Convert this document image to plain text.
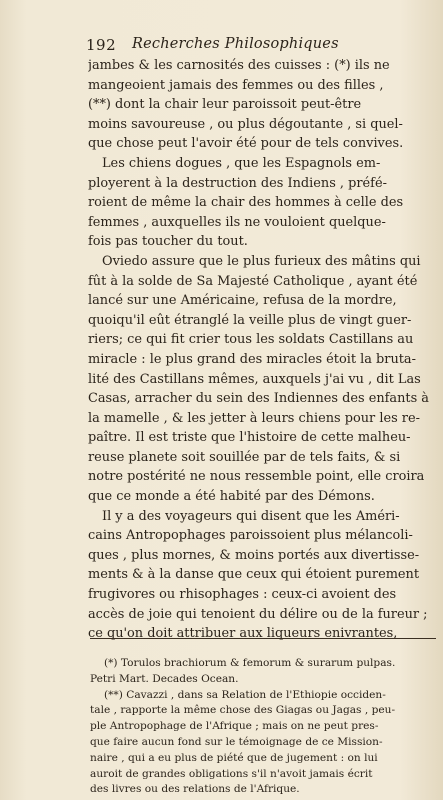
192 Recherches Philosophiques
jambes & les carnosités des cuisses : (*) ils ne
mangeoient jamais des femmes ou des filles ,
(**) dont la chair leur paroissoit peut-être
moins savoureuse , ou plus dégoutante , si quel-
que chose peut l'avoir été pour de tels convives.
Les chiens dogues , que les Espagnols em-
ployerent à la destruction des Indiens , préfé-
roient de même la chair des hommes à celle des
femmes , auxquelles ils ne vouloient quelque-
fois pas toucher du tout.
Oviedo assure que le plus furieux des mâtins qui
fût à la solde de Sa Majesté Catholique , ayant été
lancé sur une Américaine, refusa de la mordre,
quoiqu'il eût étranglé la veille plus de vingt guer-
riers; ce qui fit crier tous les soldats Castillans au
miracle : le plus grand des miracles étoit la bruta-
lité des Castillans mêmes, auxquels j'ai vu , dit Las
Casas, arracher du sein des Indiennes des enfants à
la mamelle , & les jetter à leurs chiens pour les re-
paître. Il est triste que l'histoire de cette malheu-
reuse planete soit souillée par de tels faits, & si
notre postérité ne nous ressemble point, elle croira
que ce monde a été habité par des Démons.
Il y a des voyageurs qui disent que les Améri-
cains Antropophages paroissoient plus mélancoli-
ques , plus mornes, & moins portés aux divertisse-
ments & à la danse que ceux qui étoient purement
frugivores ou rhisophages : ceux-ci avoient des
accès de joie qui tenoient du délire ou de la fureur ;
ce qu'on doit attribuer aux liqueurs enivrantes,
(*) Torulos brachiorum & femorum & surarum pulpas.
Petri Mart. Decades Ocean.
(**) Cavazzi , dans sa Relation de l'Ethiopie occiden-
tale , rapporte la même chose des Giagas ou Jagas , peu-
ple Antropophage de l'Afrique ; mais on ne peut pres-
que faire aucun fond sur le témoignage de ce Mission-
naire , qui a eu plus de piété que de jugement : on lui
auroit de grandes obligations s'il n'avoit jamais écrit
des livres ou des relations de l'Afrique.
